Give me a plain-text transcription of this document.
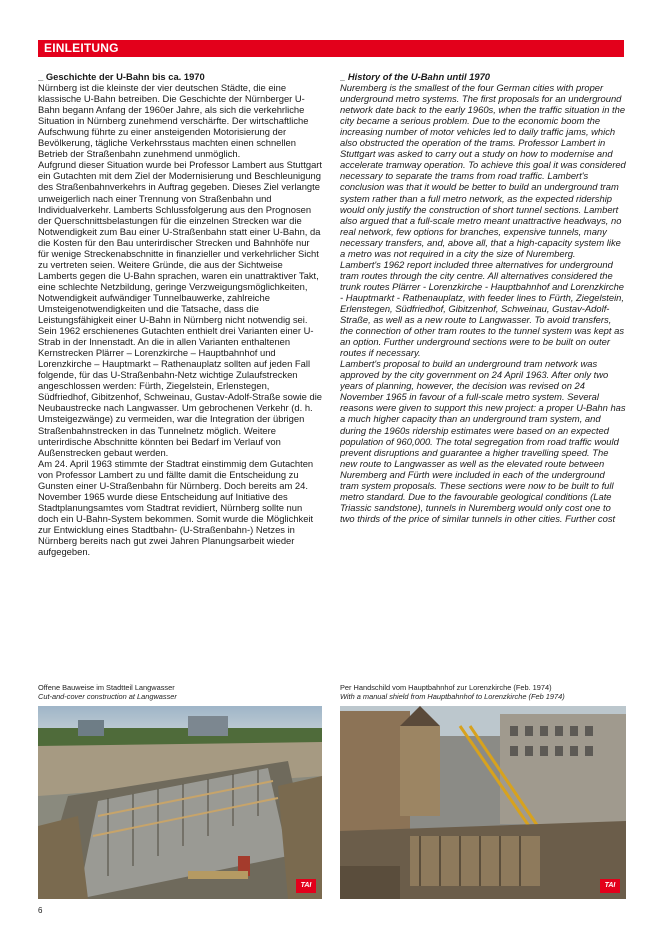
EINLEITUNG
_ Geschichte der U-Bahn bis ca. 1970

Nürnberg ist die kleinste der vier deutschen Städte, die eine klassische U-Bahn betreiben. Die Geschichte der Nürnberger U-Bahn begann Anfang der 1960er Jahre, als sich die verkehrliche Situation in Nürnberg zunehmend verschärfte. Der wirtschaftliche Aufschwung führte zu einer ansteigenden Motorisierung der Bevölkerung, tägliche Verkehrsstaus machten einen schnellen Betrieb der Straßenbahn zunehmend unmöglich.

Aufgrund dieser Situation wurde bei Professor Lambert aus Stuttgart ein Gutachten mit dem Ziel der Modernisierung und Beschleunigung des Straßenbahnverkehrs in Auftrag gegeben. Dieses Ziel verlangte unweigerlich nach einer Trennung von Straßenbahn und Individualverkehr. Lamberts Schlussfolgerung aus den Prognosen der Querschnittsbelastungen für die einzelnen Strecken war die Notwendigkeit zum Bau einer U-Straßenbahn statt einer U-Bahn, da die Kosten für den Bau unterirdischer Strecken und Bahnhöfe nur für wenige Streckenabschnitte in finanzieller und verkehrlicher Sicht zu vertreten seien. Weitere Gründe, die aus der Sichtweise Lamberts gegen die U-Bahn sprachen, waren ein unattraktiver Takt, eine schlechte Netzbildung, geringe Verzweigungsmöglichkeiten, Notwendigkeit aufwändiger Tunnelbauwerke, zahlreiche Umsteigenotwendigkeiten und die Tatsache, dass die Leistungsfähigkeit einer U-Bahn in Nürnberg nicht notwendig sei.

Sein 1962 erschienenes Gutachten enthielt drei Varianten einer U-Strab in der Innenstadt. An die in allen Varianten enthaltenen Kernstrecken Plärrer – Lorenzkirche – Hauptbahnhof und Lorenzkirche – Hauptmarkt – Rathenauplatz sollten auf jeden Fall folgende, für das U-Straßenbahn-Netz wichtige Zulaufstrecken angeschlossen werden: Fürth, Ziegelstein, Erlenstegen, Südfriedhof, Gibitzenhof, Schweinau, Gustav-Adolf-Straße sowie die Neubaustrecke nach Langwasser. Um gebrochenen Verkehr (d. h. Umsteigezwänge) zu vermeiden, war die Integration der übrigen Straßenbahnstrecken in das Tunnelnetz möglich. Weitere unterirdische Abschnitte könnten bei Bedarf im Verlauf von Außenstrecken gebaut werden.

Am 24. April 1963 stimmte der Stadtrat einstimmig dem Gutachten von Professor Lambert zu und fällte damit die Entscheidung zu Gunsten einer U-Straßenbahn für Nürnberg. Doch bereits am 24. November 1965 wurde diese Entscheidung auf Initiative des Stadtplanungsamtes vom Stadtrat revidiert, Nürnberg sollte nun doch ein U-Bahn-System bekommen. Somit wurde die Möglichkeit zur Entwicklung eines Stadtbahn- (U-Straßenbahn-) Netzes in Nürnberg bereits nach gut zwei Jahren Planungsarbeit wieder aufgegeben.

_ History of the U-Bahn until 1970

Nuremberg is the smallest of the four German cities with proper underground metro systems. The first proposals for an underground network date back to the early 1960s, when the traffic situation in the city became a serious problem. Due to the economic boom the increasing number of motor vehicles led to daily traffic jams, which also obstructed the operation of the trams. Professor Lambert in Stuttgart was asked to carry out a study on how to modernise and accelerate tramway operation. To achieve this goal it was considered necessary to separate the trams from road traffic. Lambert's conclusion was that it would be better to build an underground tram system rather than a full metro network, as the expected ridership would only justify the construction of short tunnel sections. Lambert also argued that a full-scale metro meant unattractive headways, no real network, few options for branches, expensive tunnels, many necessary transfers, and, above all, that a high-capacity system like a metro was not required in a city the size of Nuremberg.

Lambert's 1962 report included three alternatives for underground tram routes through the city centre. All alternatives considered the trunk routes Plärrer - Lorenzkirche - Hauptbahnhof and Lorenzkirche - Hauptmarkt - Rathenauplatz, with feeder lines to Fürth, Ziegelstein, Erlenstegen, Südfriedhof, Gibitzenhof, Schweinau, Gustav-Adolf-Straße, as well as a new route to Langwasser. To avoid transfers, the connection of other tram routes to the tunnel system was kept as an option. Further underground sections were to be built on outer routes if necessary.

Lambert's proposal to build an underground tram network was approved by the city government on 24 April 1963. After only two years of planning, however, the decision was revised on 24 November 1965 in favour of a full-scale metro system. Several reasons were given to support this new project: a proper U-Bahn has a much higher capacity than an underground tram system, and during the 1960s ridership estimates were based on an expected population of 960,000. The total segregation from road traffic would prevent disruptions and guarantee a higher travelling speed. The new route to Langwasser as well as the elevated route between Nuremberg and Fürth were included in each of the underground tram system proposals. These sections were now to be built to full metro standard. Due to the favourable geological conditions (Late Triassic sandstone), tunnels in Nuremberg would only cost one to two thirds of the price of similar tunnels in other cities. Further cost

Offene Bauweise im Stadtteil Langwasser
Cut-and-cover construction at Langwasser
Per Handschild vom Hauptbahnhof zur Lorenzkirche (Feb. 1974)
With a manual shield from Hauptbahnhof to Lorenzkirche (Feb 1974)
TAI	TAI
6
